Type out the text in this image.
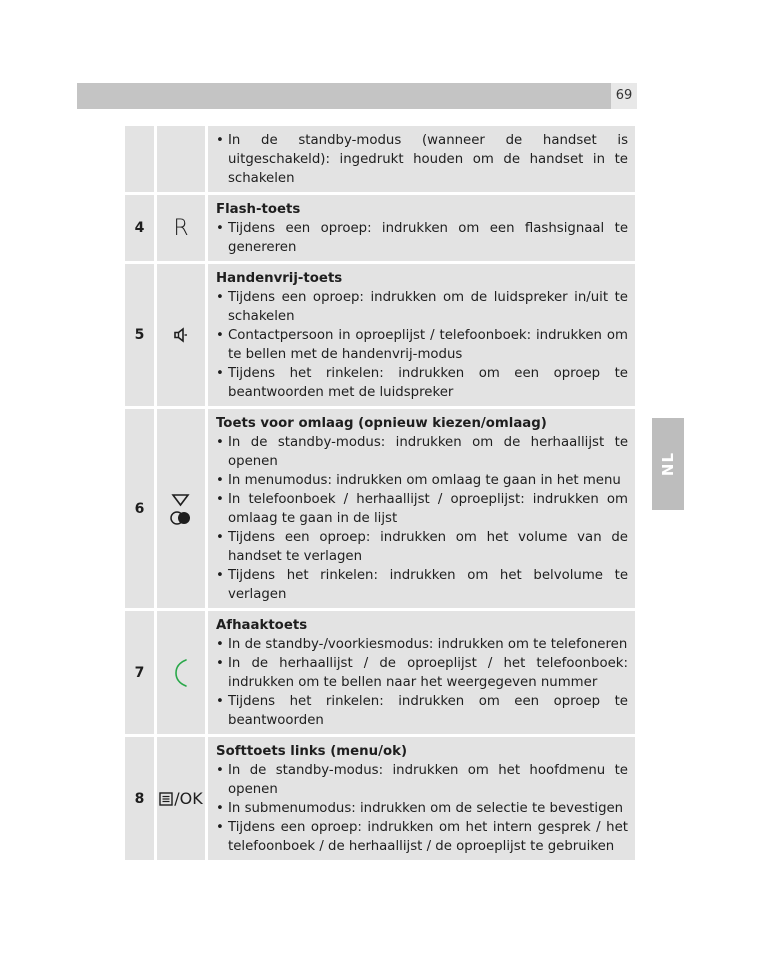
69
NL
• In de standby-modus (wanneer de handset is uitgeschakeld): ingedrukt houden om de handset in te schakelen
4	R
Flash-toets
• Tijdens een oproep: indrukken om een flashsignaal te genereren
5
Handenvrij-toets
• Tijdens een oproep: indrukken om de luidspreker in/uit te schakelen
• Contactpersoon in oproeplijst / telefoonboek: indrukken om te bellen met de handenvrij-modus
• Tijdens het rinkelen: indrukken om een oproep te beantwoorden met de luidspreker
6
Toets voor omlaag (opnieuw kiezen/omlaag)
• In de standby-modus: indrukken om de herhaallijst te openen
• In menumodus: indrukken om omlaag te gaan in het menu
• In telefoonboek / herhaallijst / oproeplijst: indrukken om omlaag te gaan in de lijst
• Tijdens een oproep: indrukken om het volume van de handset te verlagen
• Tijdens het rinkelen: indrukken om het belvolume te verlagen
7
Afhaaktoets
• In de standby-/voorkiesmodus: indrukken om te telefoneren
• In de herhaallijst / de oproeplijst / het telefoonboek: indrukken om te bellen naar het weergegeven nummer
• Tijdens het rinkelen: indrukken om een oproep te beantwoorden
8	/OK
Softtoets links (menu/ok)
• In de standby-modus: indrukken om het hoofdmenu te openen
• In submenumodus: indrukken om de selectie te bevestigen
• Tijdens een oproep: indrukken om het intern gesprek / het telefoonboek / de herhaallijst / de oproeplijst te gebruiken
